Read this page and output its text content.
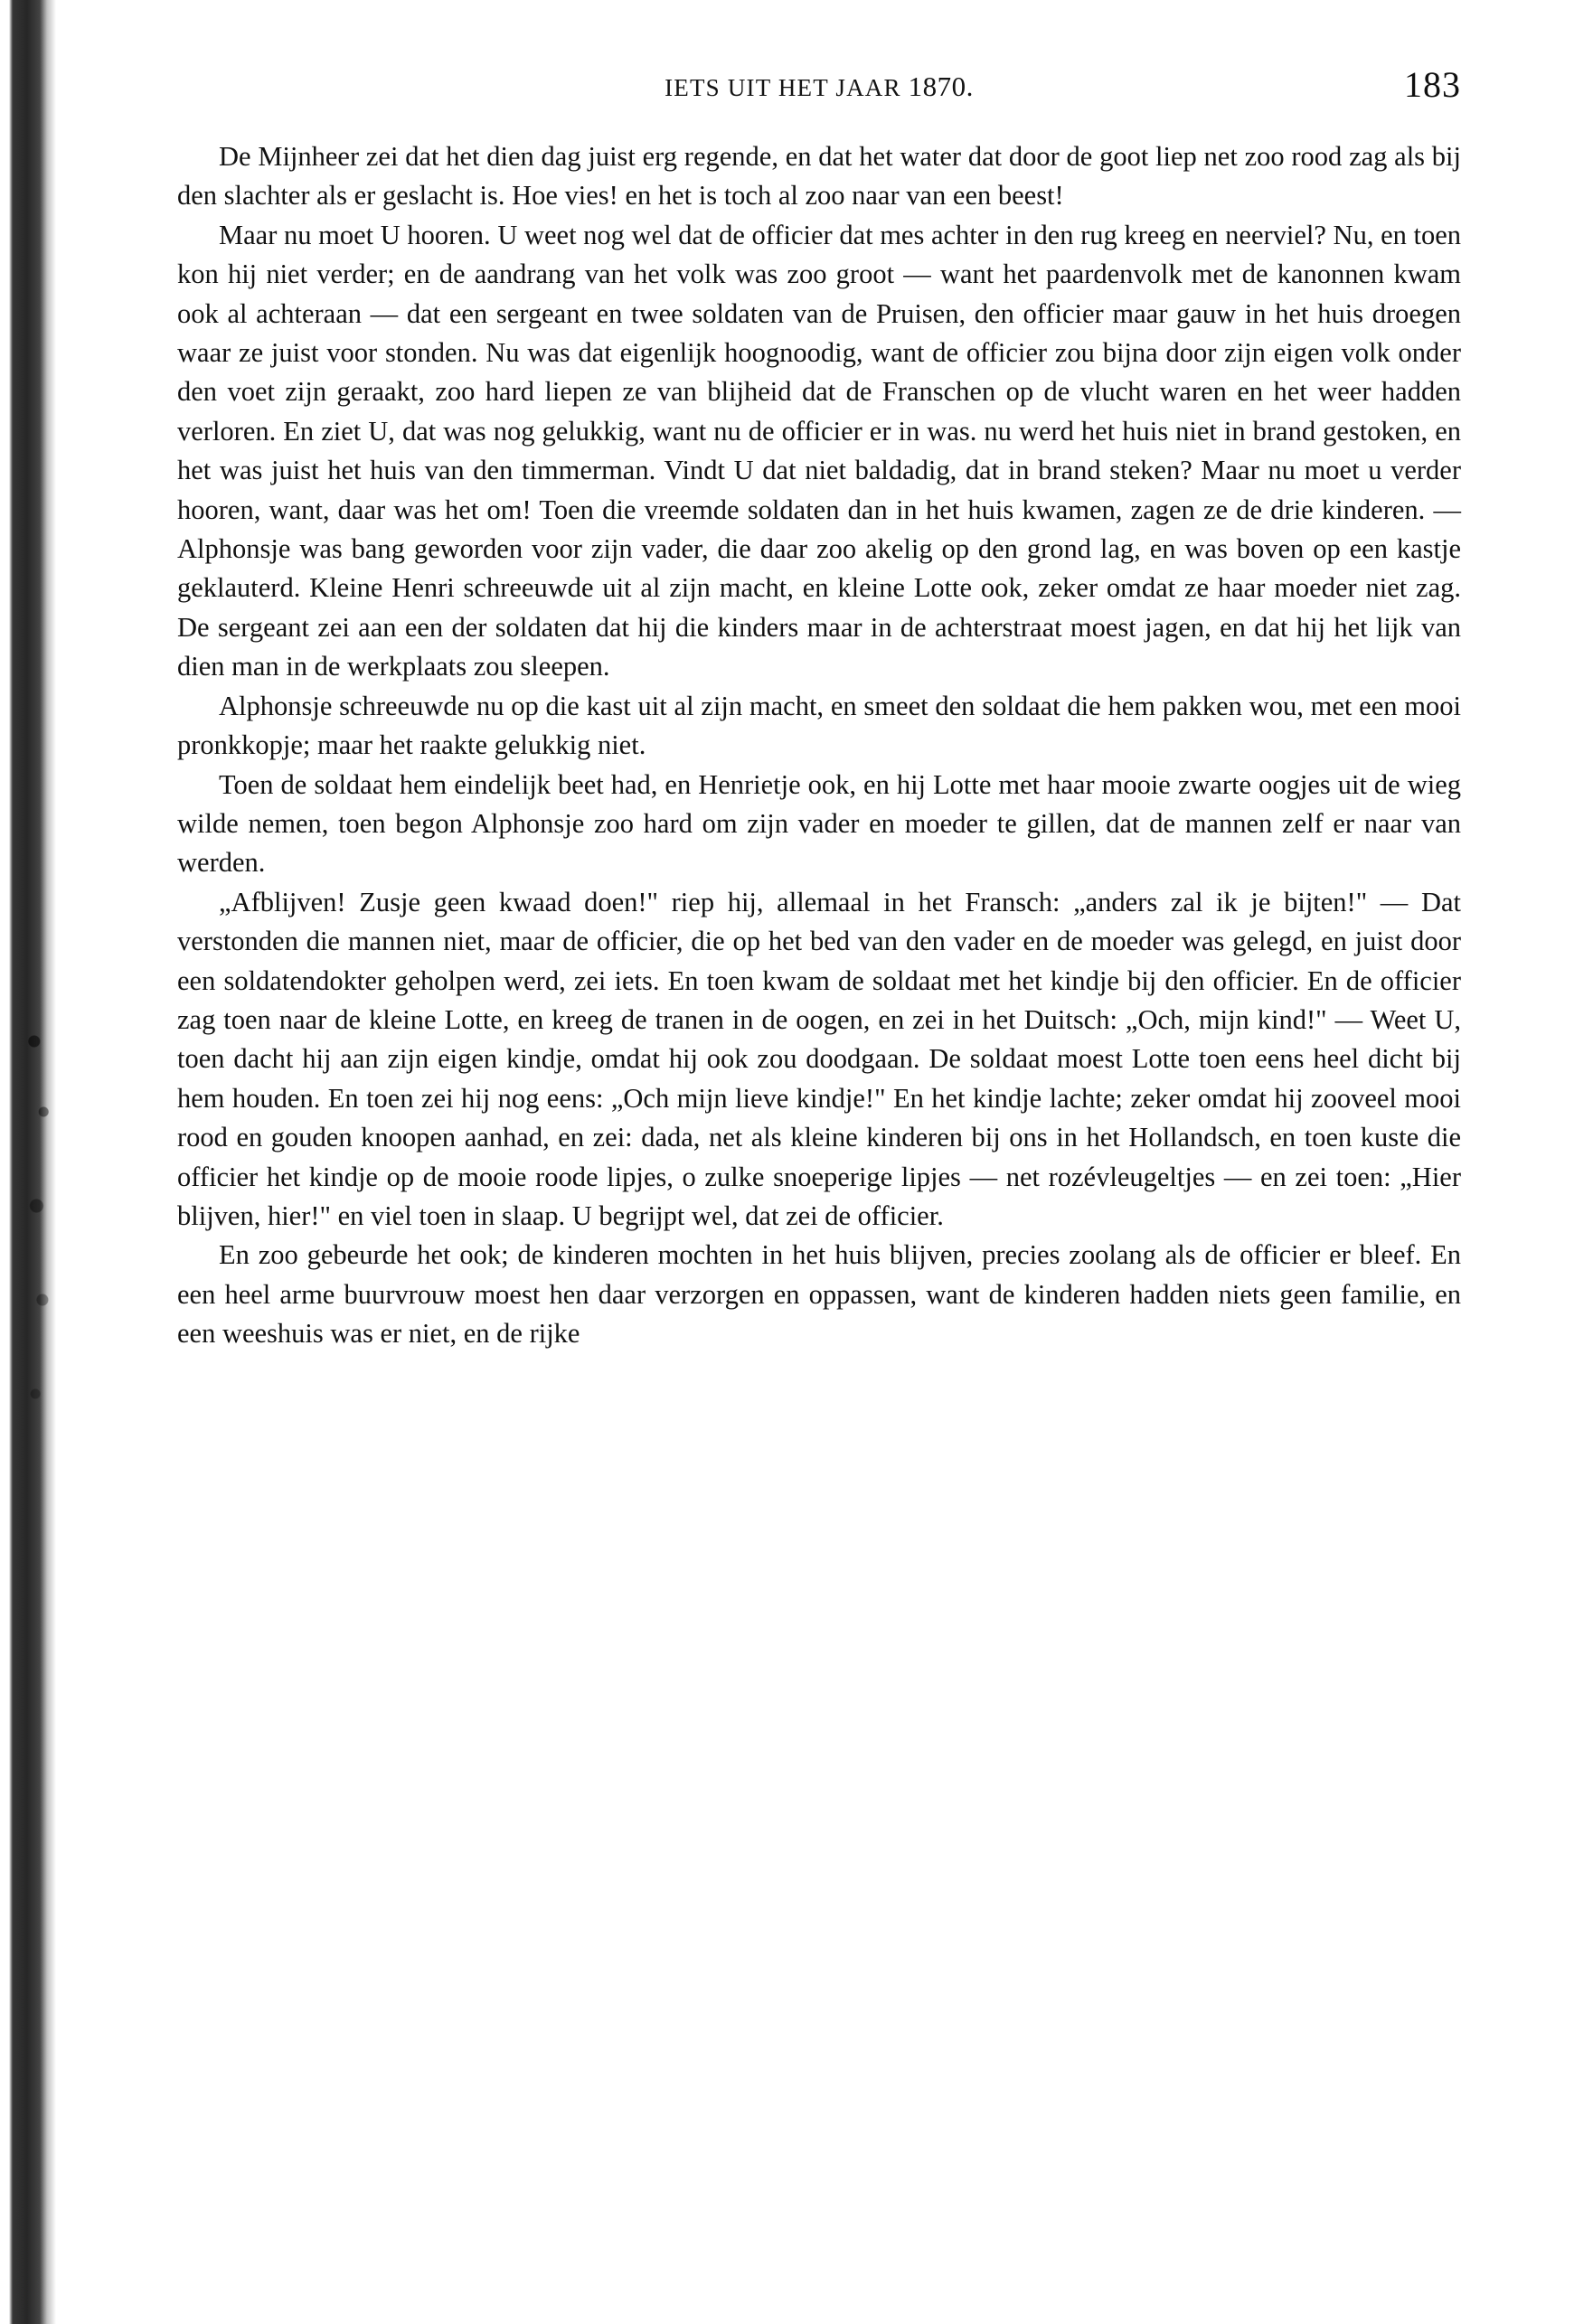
IETS UIT HET JAAR 1870.	183

De Mijnheer zei dat het dien dag juist erg regende, en dat het water dat door de goot liep net zoo rood zag als bij den slachter als er geslacht is. Hoe vies! en het is toch al zoo naar van een beest!

Maar nu moet U hooren. U weet nog wel dat de officier dat mes achter in den rug kreeg en neerviel? Nu, en toen kon hij niet verder; en de aandrang van het volk was zoo groot — want het paardenvolk met de kanonnen kwam ook al achteraan — dat een sergeant en twee soldaten van de Pruisen, den officier maar gauw in het huis droegen waar ze juist voor stonden. Nu was dat eigenlijk hoognoodig, want de officier zou bijna door zijn eigen volk onder den voet zijn geraakt, zoo hard liepen ze van blijheid dat de Franschen op de vlucht waren en het weer hadden verloren. En ziet U, dat was nog gelukkig, want nu de officier er in was. nu werd het huis niet in brand gestoken, en het was juist het huis van den timmerman. Vindt U dat niet baldadig, dat in brand steken? Maar nu moet u verder hooren, want, daar was het om! Toen die vreemde soldaten dan in het huis kwamen, zagen ze de drie kinderen. — Alphonsje was bang geworden voor zijn vader, die daar zoo akelig op den grond lag, en was boven op een kastje geklauterd. Kleine Henri schreeuwde uit al zijn macht, en kleine Lotte ook, zeker omdat ze haar moeder niet zag. De sergeant zei aan een der soldaten dat hij die kinders maar in de achterstraat moest jagen, en dat hij het lijk van dien man in de werkplaats zou sleepen.

Alphonsje schreeuwde nu op die kast uit al zijn macht, en smeet den soldaat die hem pakken wou, met een mooi pronkkopje; maar het raakte gelukkig niet.

Toen de soldaat hem eindelijk beet had, en Henrietje ook, en hij Lotte met haar mooie zwarte oogjes uit de wieg wilde nemen, toen begon Alphonsje zoo hard om zijn vader en moeder te gillen, dat de mannen zelf er naar van werden.

„Afblijven! Zusje geen kwaad doen!" riep hij, allemaal in het Fransch: „anders zal ik je bijten!" — Dat verstonden die mannen niet, maar de officier, die op het bed van den vader en de moeder was gelegd, en juist door een soldatendokter geholpen werd, zei iets. En toen kwam de soldaat met het kindje bij den officier. En de officier zag toen naar de kleine Lotte, en kreeg de tranen in de oogen, en zei in het Duitsch: „Och, mijn kind!" — Weet U, toen dacht hij aan zijn eigen kindje, omdat hij ook zou doodgaan. De soldaat moest Lotte toen eens heel dicht bij hem houden. En toen zei hij nog eens: „Och mijn lieve kindje!" En het kindje lachte; zeker omdat hij zooveel mooi rood en gouden knoopen aanhad, en zei: dada, net als kleine kinderen bij ons in het Hollandsch, en toen kuste die officier het kindje op de mooie roode lipjes, o zulke snoeperige lipjes — net rozévleugeltjes — en zei toen: „Hier blijven, hier!" en viel toen in slaap. U begrijpt wel, dat zei de officier.

En zoo gebeurde het ook; de kinderen mochten in het huis blijven, precies zoolang als de officier er bleef. En een heel arme buurvrouw moest hen daar verzorgen en oppassen, want de kinderen hadden niets geen familie, en een weeshuis was er niet, en de rijke
